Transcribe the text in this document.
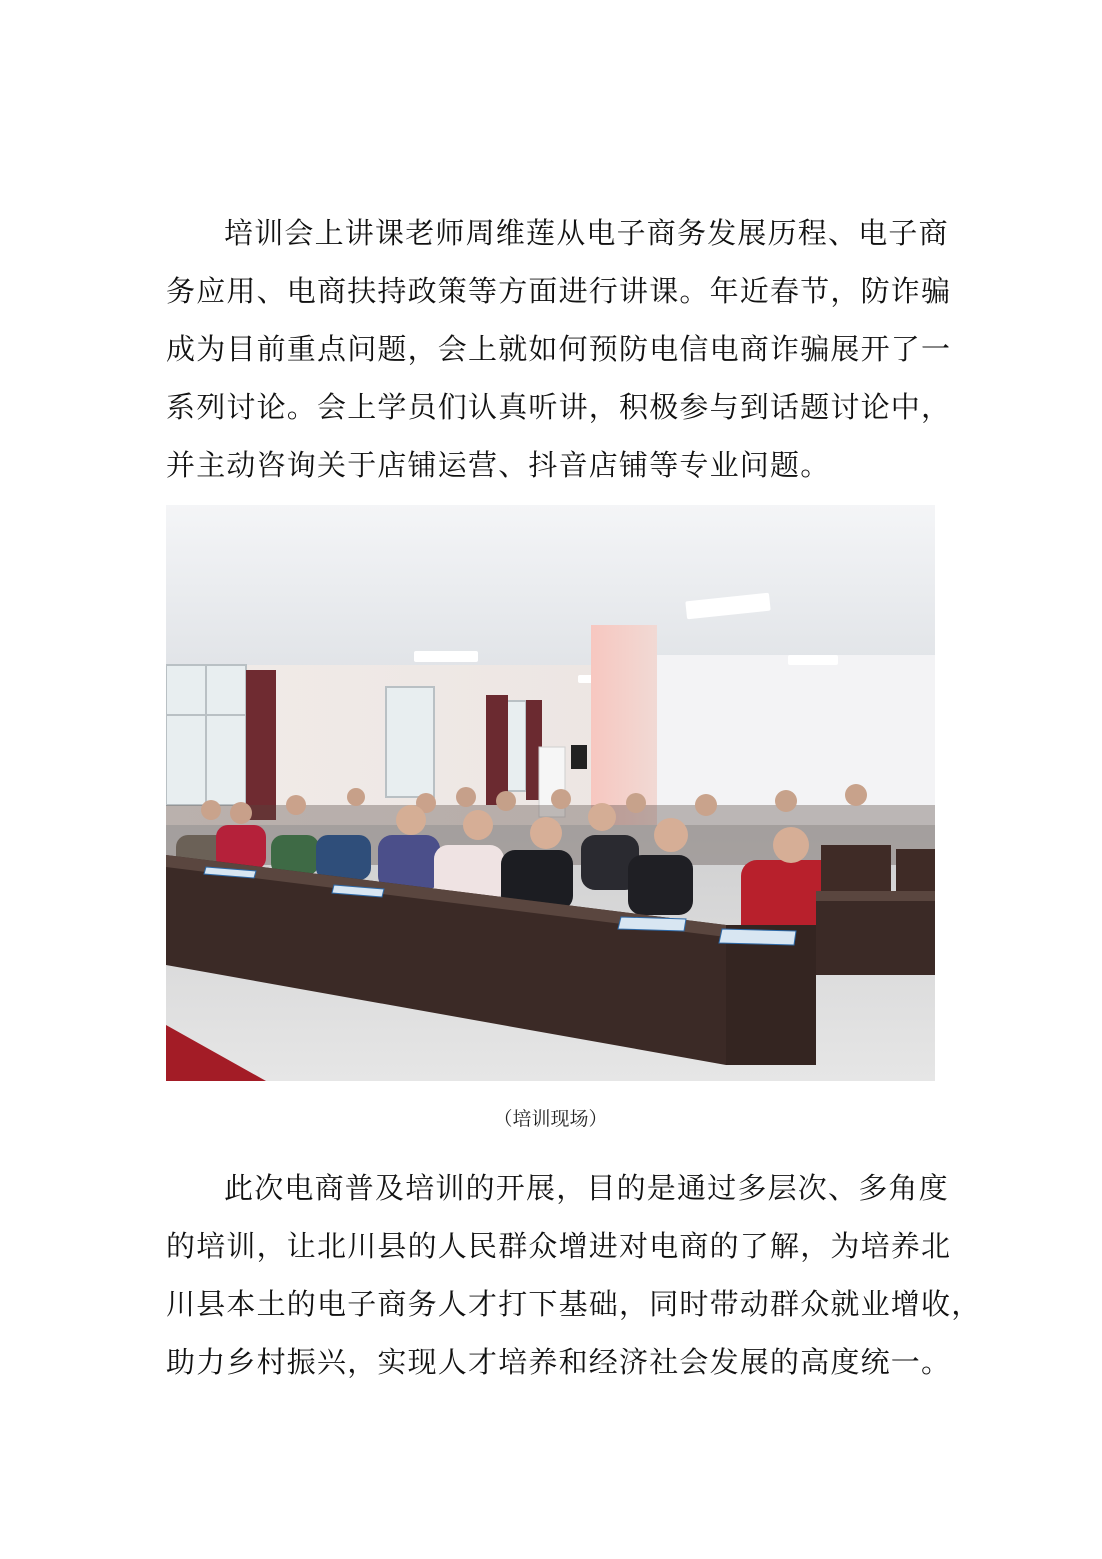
培训会上讲课老师周维莲从电子商务发展历程、电子商
务应用、电商扶持政策等方面进行讲课。年近春节，防诈骗
成为目前重点问题，会上就如何预防电信电商诈骗展开了一
系列讨论。会上学员们认真听讲，积极参与到话题讨论中，
并主动咨询关于店铺运营、抖音店铺等专业问题。
（培训现场）
此次电商普及培训的开展，目的是通过多层次、多角度
的培训，让北川县的人民群众增进对电商的了解，为培养北
川县本土的电子商务人才打下基础，同时带动群众就业增收，
助力乡村振兴，实现人才培养和经济社会发展的高度统一。
